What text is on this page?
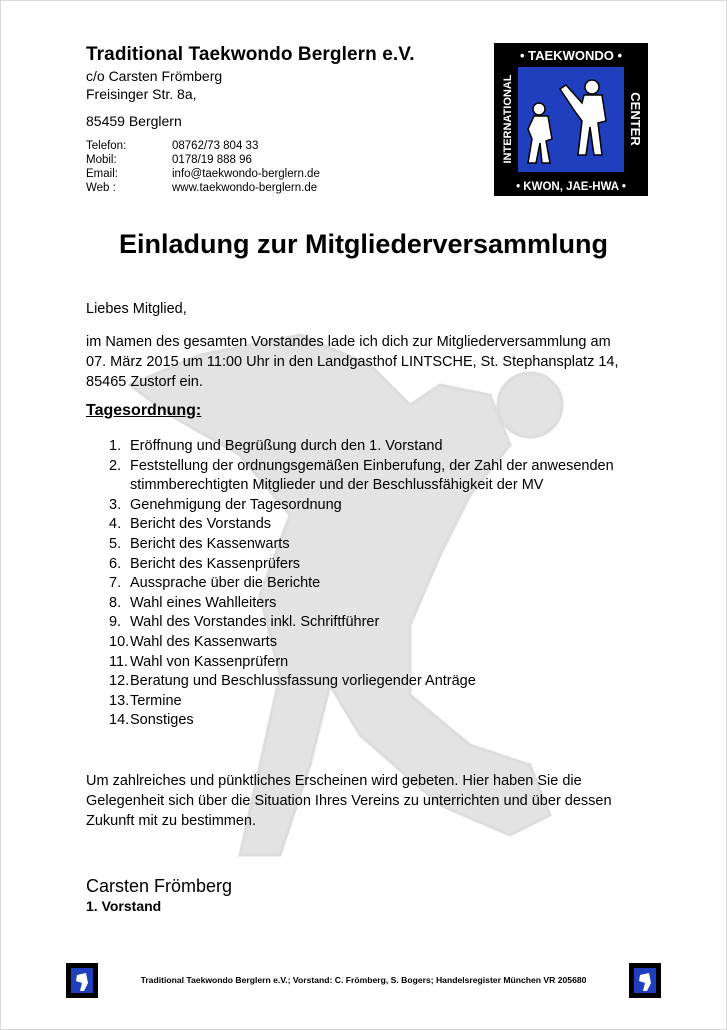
Traditional Taekwondo Berglern e.V.
c/o Carsten Frömberg
Freisinger Str. 8a,
85459 Berglern
Telefon:	08762/73 804 33
Mobil:	0178/19 888 96
Email:	info@taekwondo-berglern.de
Web :	www.taekwondo-berglern.de
• TAEKWONDO •
• KWON, JAE-HWA •
INTERNATIONAL	CENTER
Einladung zur Mitgliederversammlung
Liebes Mitglied,
im Namen des gesamten Vorstandes lade ich dich zur Mitgliederversammlung am
07. März 2015 um 11:00 Uhr in den Landgasthof LINTSCHE, St. Stephansplatz 14,
85465 Zustorf ein.
Tagesordnung:
1. Eröffnung und Begrüßung durch den 1. Vorstand
2. Feststellung der ordnungsgemäßen Einberufung, der Zahl der anwesenden
stimmberechtigten Mitglieder und der Beschlussfähigkeit der MV
3. Genehmigung der Tagesordnung
4. Bericht des Vorstands
5. Bericht des Kassenwarts
6. Bericht des Kassenprüfers
7. Aussprache über die Berichte
8. Wahl eines Wahlleiters
9. Wahl des Vorstandes inkl. Schriftführer
10. Wahl des Kassenwarts
11. Wahl von Kassenprüfern
12. Beratung und Beschlussfassung vorliegender Anträge
13. Termine
14. Sonstiges
Um zahlreiches und pünktliches Erscheinen wird gebeten. Hier haben Sie die
Gelegenheit sich über die Situation Ihres Vereins zu unterrichten und über dessen
Zukunft mit zu bestimmen.
Carsten Frömberg
1. Vorstand
Traditional Taekwondo Berglern e.V.; Vorstand: C. Frömberg, S. Bogers; Handelsregister München VR 205680
